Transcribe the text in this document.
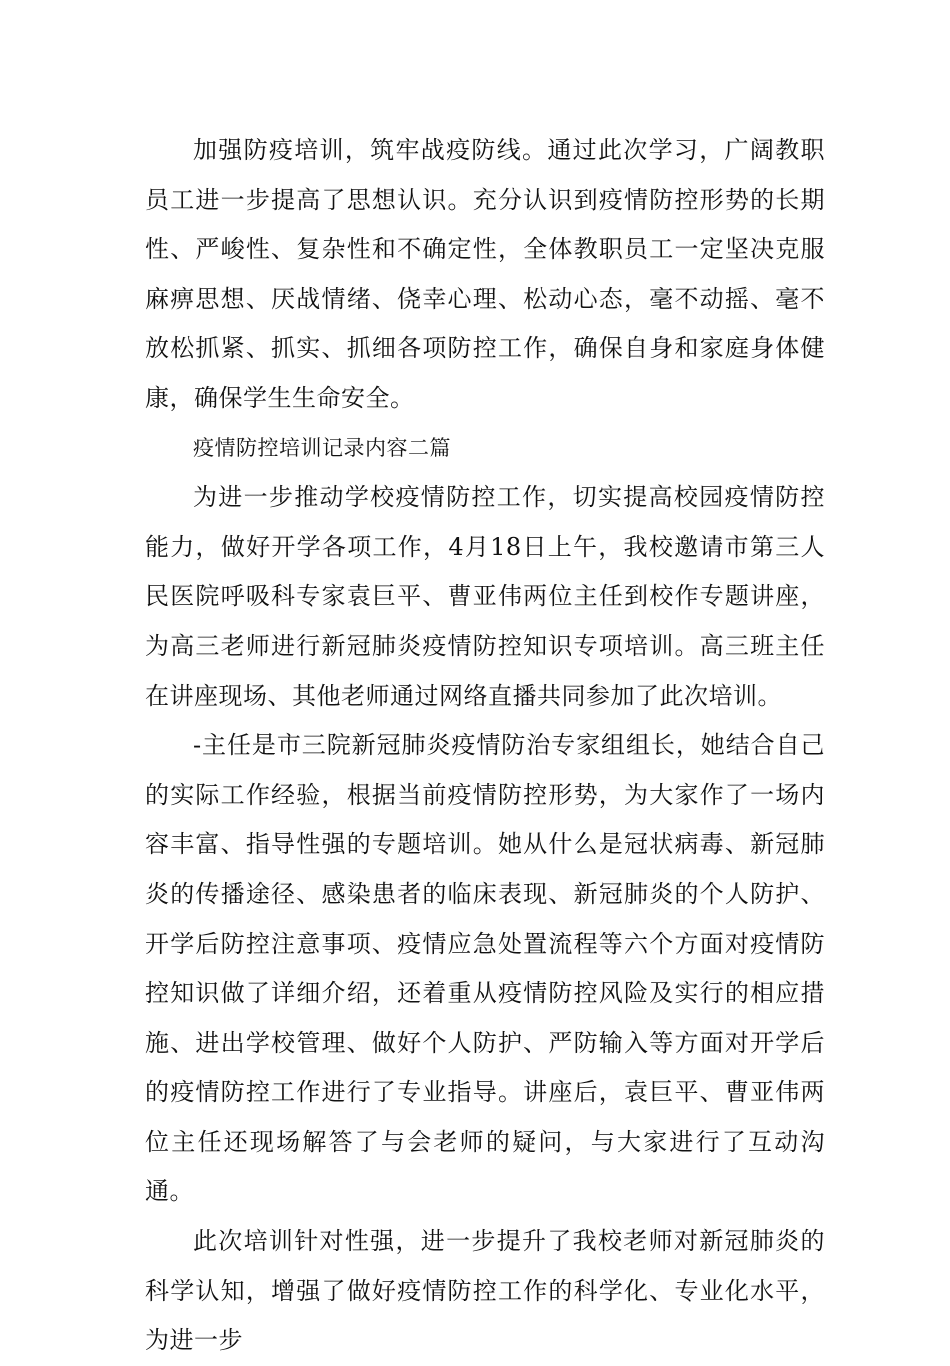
加强防疫培训，筑牢战疫防线。通过此次学习，广阔教职员工进一步提高了思想认识。充分认识到疫情防控形势的长期性、严峻性、复杂性和不确定性，全体教职员工一定坚决克服麻痹思想、厌战情绪、侥幸心理、松动心态，毫不动摇、毫不放松抓紧、抓实、抓细各项防控工作，确保自身和家庭身体健康，确保学生生命安全。

疫情防控培训记录内容二篇

为进一步推动学校疫情防控工作，切实提高校园疫情防控能力，做好开学各项工作，4月18日上午，我校邀请市第三人民医院呼吸科专家袁巨平、曹亚伟两位主任到校作专题讲座，为高三老师进行新冠肺炎疫情防控知识专项培训。高三班主任在讲座现场、其他老师通过网络直播共同参加了此次培训。

-主任是市三院新冠肺炎疫情防治专家组组长，她结合自己的实际工作经验，根据当前疫情防控形势，为大家作了一场内容丰富、指导性强的专题培训。她从什么是冠状病毒、新冠肺炎的传播途径、感染患者的临床表现、新冠肺炎的个人防护、开学后防控注意事项、疫情应急处置流程等六个方面对疫情防控知识做了详细介绍，还着重从疫情防控风险及实行的相应措施、进出学校管理、做好个人防护、严防输入等方面对开学后的疫情防控工作进行了专业指导。讲座后，袁巨平、曹亚伟两位主任还现场解答了与会老师的疑问，与大家进行了互动沟通。

此次培训针对性强，进一步提升了我校老师对新冠肺炎的科学认知，增强了做好疫情防控工作的科学化、专业化水平，为进一步
